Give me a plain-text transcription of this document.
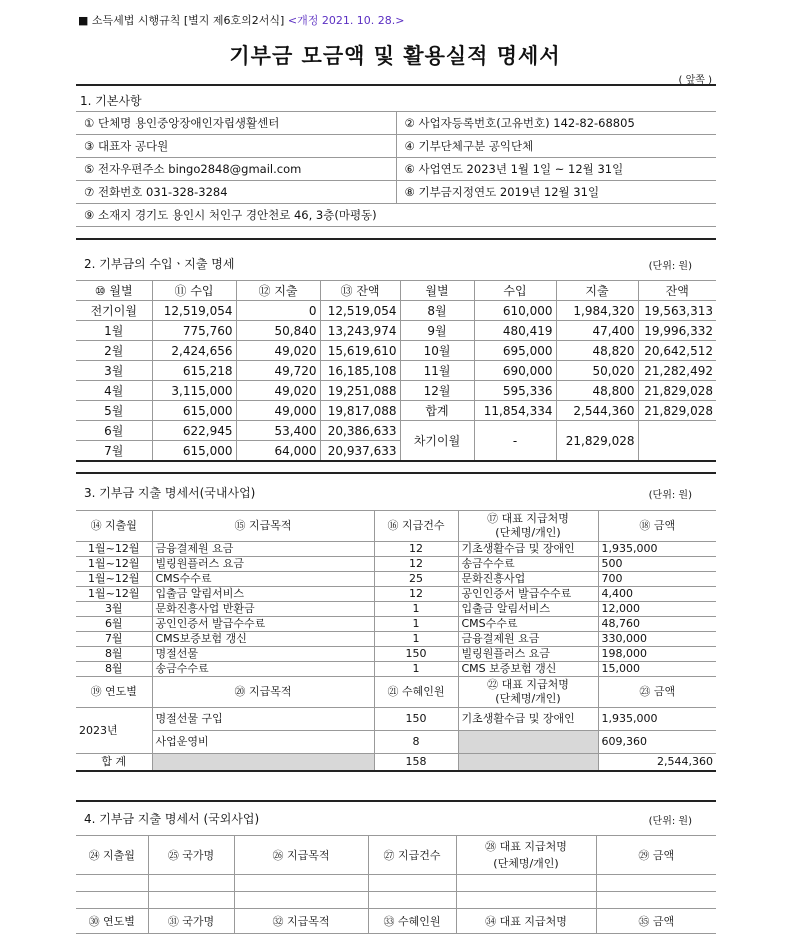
■ 소득세법 시행규칙 [별지 제6호의2서식] <개정 2021. 10. 28.>
기부금 모금액 및 활용실적 명세서
( 앞쪽 )
1. 기본사항
① 단체명 용인중앙장애인자립생활센터	② 사업자등록번호(고유번호) 142-82-68805
③ 대표자 공다원	④ 기부단체구분 공익단체
⑤ 전자우편주소 bingo2848@gmail.com	⑥ 사업연도 2023년 1월 1일 ~ 12월 31일
⑦ 전화번호 031-328-3284	⑧ 기부금지정연도 2019년 12월 31일
⑨ 소재지 경기도 용인시 처인구 경안천로 46, 3층(마평동)	
2. 기부금의 수입ㆍ지출 명세	(단위: 원)
⑩ 월별	⑪ 수입	⑫ 지출	⑬ 잔액	월별	수입	지출	잔액
전기이월	12,519,054	0	12,519,054	8월	610,000	1,984,320	19,563,313
1월	775,760	50,840	13,243,974	9월	480,419	47,400	19,996,332
2월	2,424,656	49,020	15,619,610	10월	695,000	48,820	20,642,512
3월	615,218	49,720	16,185,108	11월	690,000	50,020	21,282,492
4월	3,115,000	49,020	19,251,088	12월	595,336	48,800	21,829,028
5월	615,000	49,000	19,817,088	합계	11,854,334	2,544,360	21,829,028
6월	622,945	53,400	20,386,633	차기이월	-	21,829,028	
7월	615,000	64,000	20,937,633				
3. 기부금 지출 명세서(국내사업)	(단위: 원)
⑭ 지출월	⑮ 지급목적	⑯ 지급건수	⑰ 대표 지급처명
(단체명/개인)	⑱ 금액
1월~12월	금융결제원 요금	12	기초생활수급 및 장애인	1,935,000
1월~12월	빌링원플러스 요금	12	송금수수료	500
1월~12월	CMS수수료	25	문화진흥사업	700
1월~12월	입출금 알림서비스	12	공인인증서 발급수수료	4,400
3월	문화진흥사업 반환금	1	입출금 알림서비스	12,000
6월	공인인증서 발급수수료	1	CMS수수료	48,760
7월	CMS보증보험 갱신	1	금융결제원 요금	330,000
8월	명절선물	150	빌링원플러스 요금	198,000
8월	송금수수료	1	CMS 보증보험 갱신	15,000
⑲ 연도별	⑳ 지급목적	㉑ 수혜인원	㉒ 대표 지급처명
(단체명/개인)	㉓ 금액
2023년	명절선물 구입	150	기초생활수급 및 장애인	1,935,000
	사업운영비	8		609,360
합 계		158		2,544,360
4. 기부금 지출 명세서 (국외사업)	(단위: 원)
㉔ 지출월	㉕ 국가명	㉖ 지급목적	㉗ 지급건수	㉘ 대표 지급처명
(단체명/개인)	㉙ 금액

㉚ 연도별	㉛ 국가명	㉜ 지급목적	㉝ 수혜인원	㉞ 대표 지급처명	㉟ 금액
